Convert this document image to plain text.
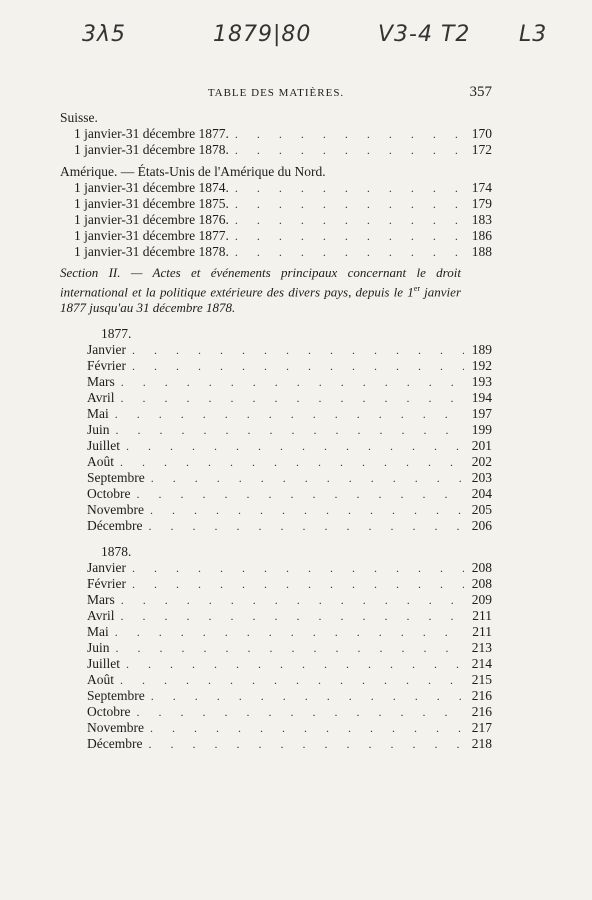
3λ5	1879|80	V3-4 T2 L3
TABLE DES MATIÈRES.	357
Suisse.
1 janvier-31 décembre 1877. . . .	170
1 janvier-31 décembre 1878. . . .	172
Amérique. — États-Unis de l'Amérique du Nord.
1 janvier-31 décembre 1874. . . .	174
1 janvier-31 décembre 1875. . . .	179
1 janvier-31 décembre 1876. . . .	183
1 janvier-31 décembre 1877. . . .	186
1 janvier-31 décembre 1878. . . .	188
Section II. — Actes et événements principaux concernant le droit international et la politique extérieure des divers pays, depuis le 1er janvier 1877 jusqu'au 31 décembre 1878.
1877.
Janvier . . .	189
Février . . .	192
Mars . . .	193
Avril . . .	194
Mai . . .	197
Juin . . .	199
Juillet . . .	201
Août . . .	202
Septembre . . .	203
Octobre . . .	204
Novembre . . .	205
Décembre . . .	206
1878.
Janvier . . .	208
Février . . .	208
Mars . . .	209
Avril . . .	211
Mai . . .	211
Juin . . .	213
Juillet . . .	214
Août . . .	215
Septembre . . .	216
Octobre . . .	216
Novembre . . .	217
Décembre . . .	218
